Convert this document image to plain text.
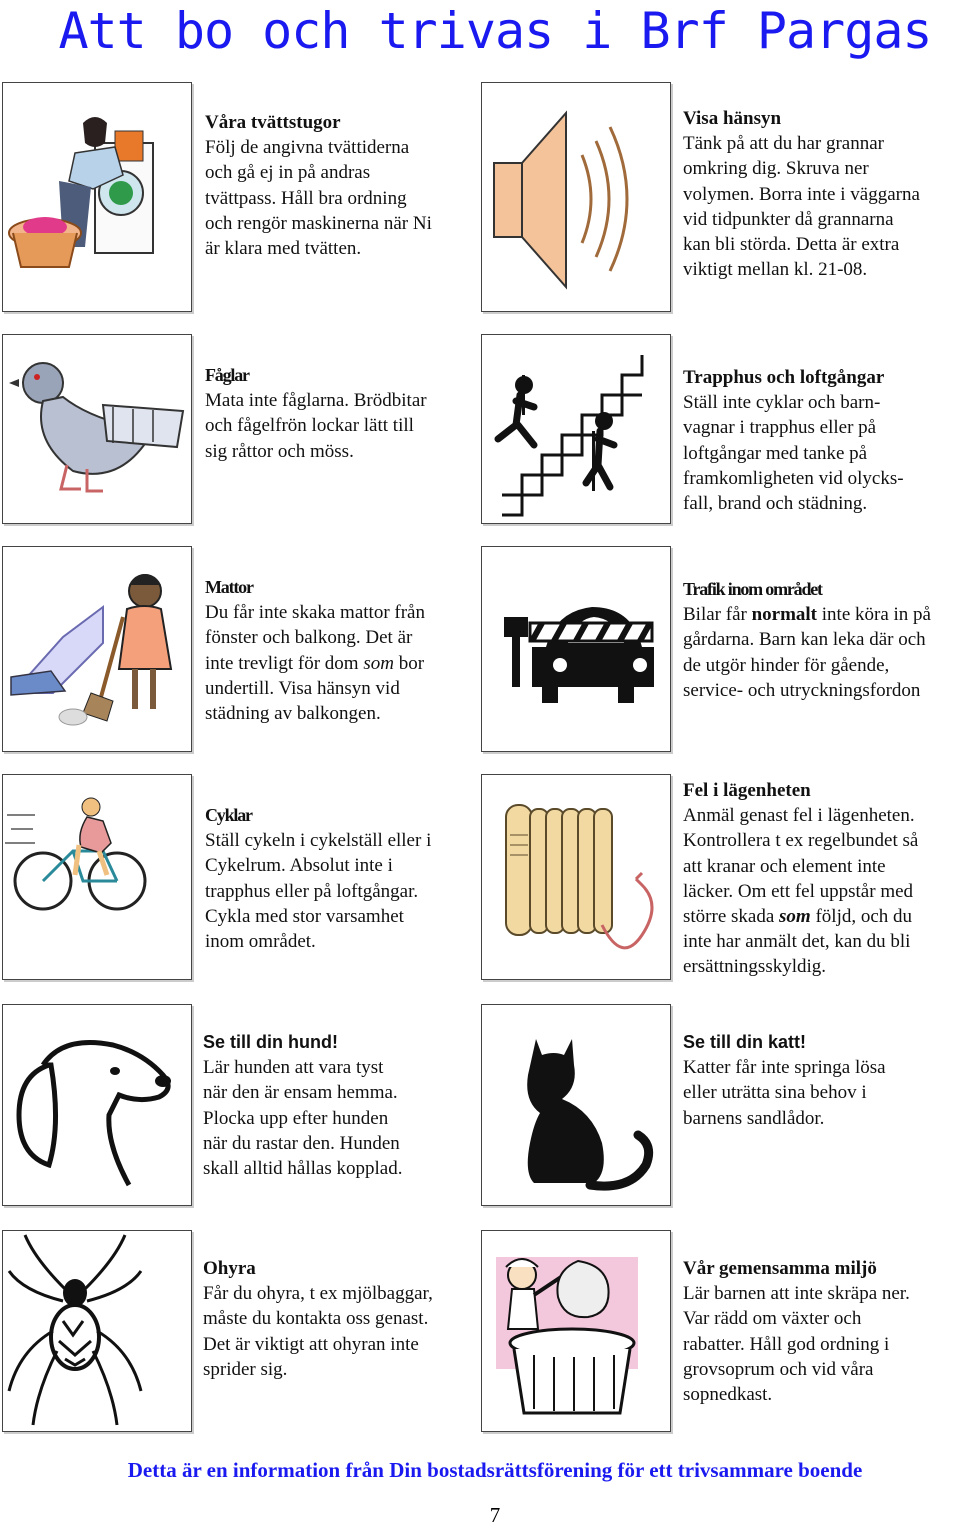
Att bo och trivas i Brf Pargas
Våra tvättstugor
Följ de angivna tvättiderna
och gå ej in på andras
tvättpass. Håll bra ordning
och rengör maskinerna när Ni
är klara med tvätten.
Visa hänsyn
Tänk på att du har grannar
omkring dig. Skruva ner
volymen. Borra inte i väggarna
vid tidpunkter då grannarna
kan bli störda. Detta är extra
viktigt mellan kl. 21-08.
Fåglar
Mata inte fåglarna. Brödbitar
och fågelfrön lockar lätt till
sig råttor och möss.
Trapphus och loftgångar
Ställ inte cyklar och barn-
vagnar i trapphus eller på
loftgångar med tanke på
framkomligheten vid olycks-
fall, brand och städning.
Mattor
Du får inte skaka mattor från
fönster och balkong. Det är
inte trevligt för dom som bor
undertill. Visa hänsyn vid
städning av balkongen.
Trafik inom området
Bilar får normalt inte köra in på
gårdarna. Barn kan leka där och
de utgör hinder för gående,
service- och utryckningsfordon
Cyklar
Ställ cykeln i cykelställ eller i
Cykelrum. Absolut inte i
trapphus eller på loftgångar.
Cykla med stor varsamhet
inom området.
Fel i lägenheten
Anmäl genast fel i lägenheten.
Kontrollera t ex regelbundet så
att kranar och element inte
läcker. Om ett fel uppstår med
större skada som följd, och du
inte har anmält det, kan du bli
ersättningsskyldig.
Se till din hund!
Lär hunden att vara tyst
när den är ensam hemma.
Plocka upp efter hunden
när du rastar den. Hunden
skall alltid hållas kopplad.
Se till din katt!
Katter får inte springa lösa
eller uträtta sina behov i
barnens sandlådor.
Ohyra
Får du ohyra, t ex mjölbaggar,
måste du kontakta oss genast.
Det är viktigt att ohyran inte
sprider sig.
Vår gemensamma miljö
Lär barnen att inte skräpa ner.
Var rädd om växter och
rabatter. Håll god ordning i
grovsoprum och vid våra
sopnedkast.
Detta är en information från Din bostadsrättsförening för ett trivsammare boende
7
